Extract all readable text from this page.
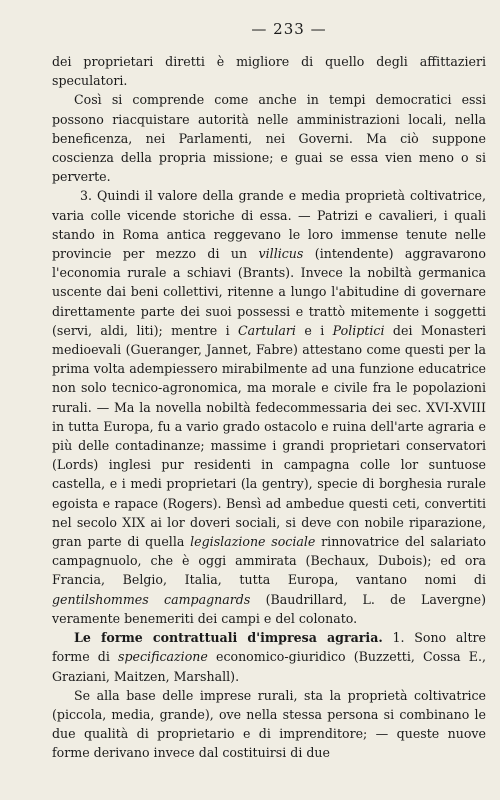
— 233 —

dei proprietari diretti è migliore di quello degli affittazieri speculatori.

Così si comprende come anche in tempi democratici essi possono riacquistare autorità nelle amministrazioni locali, nella beneficenza, nei Parlamenti, nei Governi. Ma ciò suppone coscienza della propria missione; e guai se essa vien meno o si perverte.

3. Quindi il valore della grande e media proprietà coltivatrice, varia colle vicende storiche di essa. — Patrizi e cavalieri, i quali stando in Roma antica reggevano le loro immense tenute nelle provincie per mezzo di un villicus (intendente) aggravarono l'economia rurale a schiavi (Brants). Invece la nobiltà germanica uscente dai beni collettivi, ritenne a lungo l'abitudine di governare direttamente parte dei suoi possessi e trattò mitemente i soggetti (servi, aldi, liti); mentre i Cartulari e i Poliptici dei Monasteri medioevali (Gueranger, Jannet, Fabre) attestano come questi per la prima volta adempiessero mirabilmente ad una funzione educatrice non solo tecnico-agronomica, ma morale e civile fra le popolazioni rurali. — Ma la novella nobiltà fedecommessaria dei sec. XVI-XVIII in tutta Europa, fu a vario grado ostacolo e ruina dell'arte agraria e più delle contadinanze; massime i grandi proprietari conservatori (Lords) inglesi pur residenti in campagna colle lor suntuose castella, e i medi proprietari (la gentry), specie di borghesia rurale egoista e rapace (Rogers). Bensì ad ambedue questi ceti, convertiti nel secolo XIX ai lor doveri sociali, si deve con nobile riparazione, gran parte di quella legislazione sociale rinnovatrice del salariato campagnuolo, che è oggi ammirata (Bechaux, Dubois); ed ora Francia, Belgio, Italia, tutta Europa, vantano nomi di gentilshommes campagnards (Baudrillard, L. de Lavergne) veramente benemeriti dei campi e del colonato.

Le forme contrattuali d'impresa agraria. 1. Sono altre forme di specificazione economico-giuridico (Buzzetti, Cossa E., Graziani, Maitzen, Marshall).

Se alla base delle imprese rurali, sta la proprietà coltivatrice (piccola, media, grande), ove nella stessa persona si combinano le due qualità di proprietario e di imprenditore; — queste nuove forme derivano invece dal costituirsi di due
